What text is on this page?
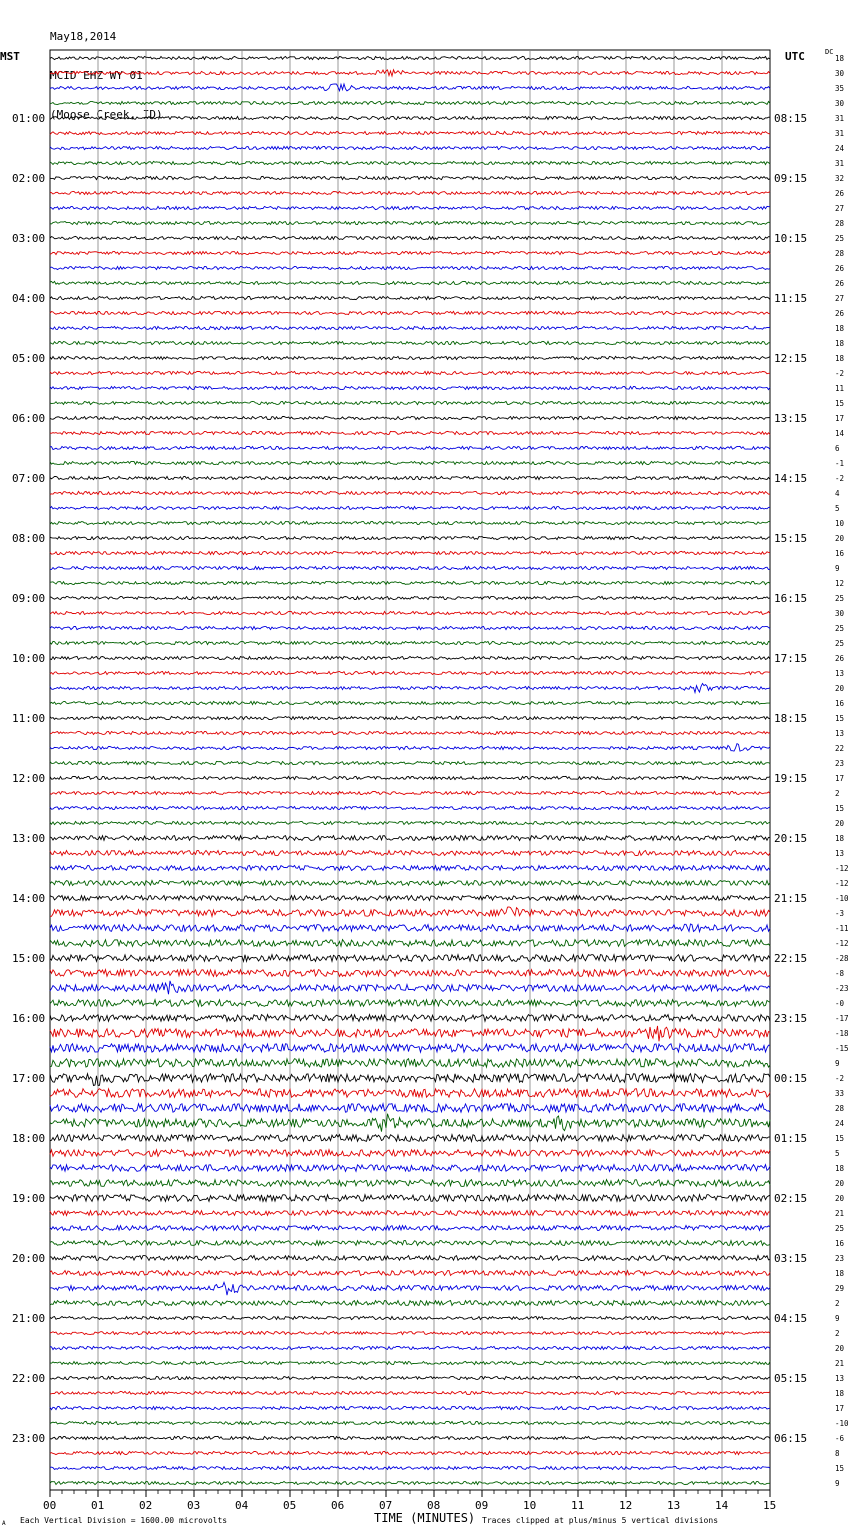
May18,2014

MCID EHZ WY 01

(Moose Creek, ID)

MST	UTC	DC
18
30
35
30
31
31
24
31
32
26
27
28
25
28
26
26
27
26
18
18
18
-2
11
15
17
14
6
-1
-2
4
5
10
20
16
9
12
25
30
25
25
26
13
20
16
15
13
22
23
17
2
15
20
18
13
-12
-12
-10
-3
-11
-12
-28
-8
-23
-0
-17
-18
-15
9
-2
33
28
24
15
5
18
20
20
21
25
16
23
18
29
2
9
2
20
21
13
18
17
-10
-6
8
15
9
01:00
02:00
03:00
04:00
05:00
06:00
07:00
08:00
09:00
10:00
11:00
12:00
13:00
14:00
15:00
16:00
17:00
18:00
19:00
20:00
21:00
22:00
23:00
08:15
09:15
10:15
11:15
12:15
13:15
14:15
15:15
16:15
17:15
18:15
19:15
20:15
21:15
22:15
23:15
00:15
01:15
02:15
03:15
04:15
05:15
06:15
00	01	02	03	04	05	06	07	08	09	10	11	12	13	14	15
A Each Vertical Division = 1600.00 microvolts	TIME (MINUTES) Traces clipped at plus/minus 5 vertical divisions
